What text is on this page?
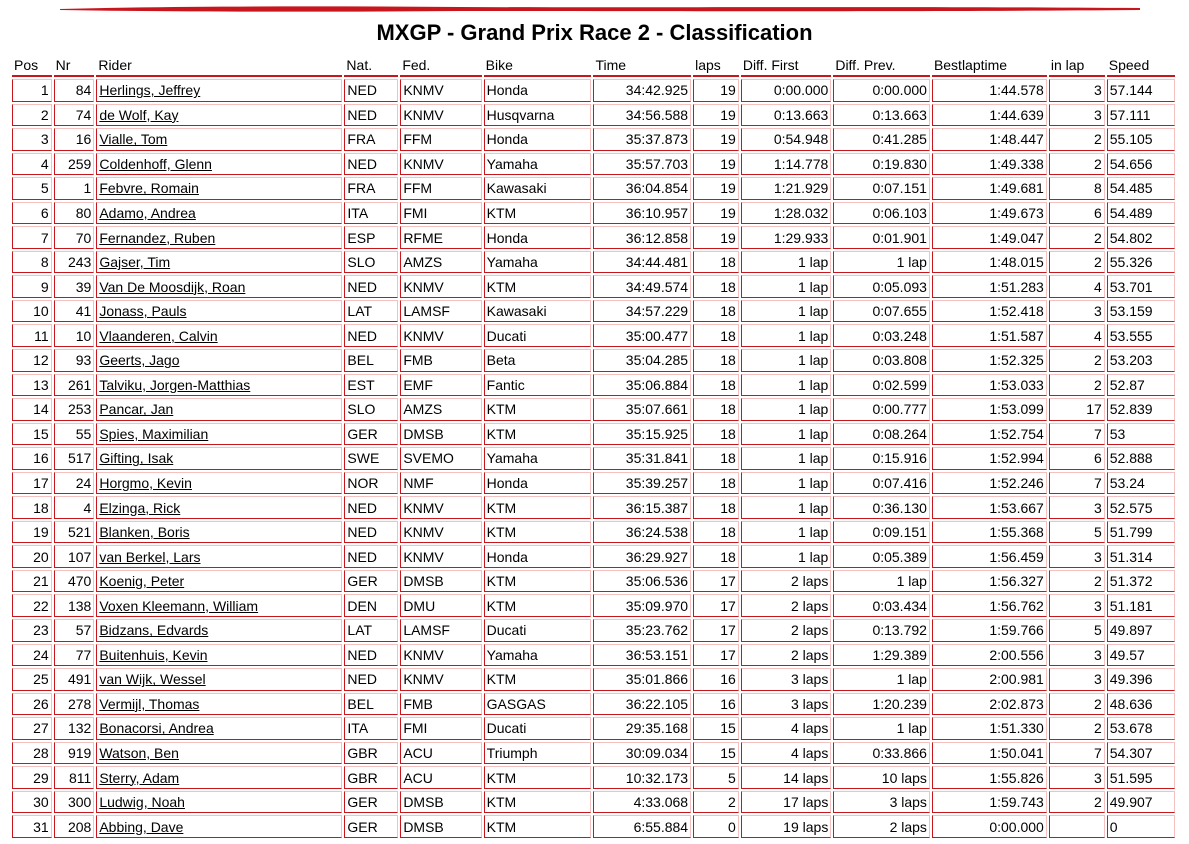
MXGP - Grand Prix Race 2 - Classification
Pos	Nr	Rider	Nat.	Fed.	Bike	Time	laps	Diff. First	Diff. Prev.	Bestlaptime	in lap	Speed
1	84	Herlings, Jeffrey	NED	KNMV	Honda	34:42.925	19	0:00.000	0:00.000	1:44.578	3	57.144
2	74	de Wolf, Kay	NED	KNMV	Husqvarna	34:56.588	19	0:13.663	0:13.663	1:44.639	3	57.111
3	16	Vialle, Tom	FRA	FFM	Honda	35:37.873	19	0:54.948	0:41.285	1:48.447	2	55.105
4	259	Coldenhoff, Glenn	NED	KNMV	Yamaha	35:57.703	19	1:14.778	0:19.830	1:49.338	2	54.656
5	1	Febvre, Romain	FRA	FFM	Kawasaki	36:04.854	19	1:21.929	0:07.151	1:49.681	8	54.485
6	80	Adamo, Andrea	ITA	FMI	KTM	36:10.957	19	1:28.032	0:06.103	1:49.673	6	54.489
7	70	Fernandez, Ruben	ESP	RFME	Honda	36:12.858	19	1:29.933	0:01.901	1:49.047	2	54.802
8	243	Gajser, Tim	SLO	AMZS	Yamaha	34:44.481	18	1 lap	1 lap	1:48.015	2	55.326
9	39	Van De Moosdijk, Roan	NED	KNMV	KTM	34:49.574	18	1 lap	0:05.093	1:51.283	4	53.701
10	41	Jonass, Pauls	LAT	LAMSF	Kawasaki	34:57.229	18	1 lap	0:07.655	1:52.418	3	53.159
11	10	Vlaanderen, Calvin	NED	KNMV	Ducati	35:00.477	18	1 lap	0:03.248	1:51.587	4	53.555
12	93	Geerts, Jago	BEL	FMB	Beta	35:04.285	18	1 lap	0:03.808	1:52.325	2	53.203
13	261	Talviku, Jorgen-Matthias	EST	EMF	Fantic	35:06.884	18	1 lap	0:02.599	1:53.033	2	52.87
14	253	Pancar, Jan	SLO	AMZS	KTM	35:07.661	18	1 lap	0:00.777	1:53.099	17	52.839
15	55	Spies, Maximilian	GER	DMSB	KTM	35:15.925	18	1 lap	0:08.264	1:52.754	7	53
16	517	Gifting, Isak	SWE	SVEMO	Yamaha	35:31.841	18	1 lap	0:15.916	1:52.994	6	52.888
17	24	Horgmo, Kevin	NOR	NMF	Honda	35:39.257	18	1 lap	0:07.416	1:52.246	7	53.24
18	4	Elzinga, Rick	NED	KNMV	KTM	36:15.387	18	1 lap	0:36.130	1:53.667	3	52.575
19	521	Blanken, Boris	NED	KNMV	KTM	36:24.538	18	1 lap	0:09.151	1:55.368	5	51.799
20	107	van Berkel, Lars	NED	KNMV	Honda	36:29.927	18	1 lap	0:05.389	1:56.459	3	51.314
21	470	Koenig, Peter	GER	DMSB	KTM	35:06.536	17	2 laps	1 lap	1:56.327	2	51.372
22	138	Voxen Kleemann, William	DEN	DMU	KTM	35:09.970	17	2 laps	0:03.434	1:56.762	3	51.181
23	57	Bidzans, Edvards	LAT	LAMSF	Ducati	35:23.762	17	2 laps	0:13.792	1:59.766	5	49.897
24	77	Buitenhuis, Kevin	NED	KNMV	Yamaha	36:53.151	17	2 laps	1:29.389	2:00.556	3	49.57
25	491	van Wijk, Wessel	NED	KNMV	KTM	35:01.866	16	3 laps	1 lap	2:00.981	3	49.396
26	278	Vermijl, Thomas	BEL	FMB	GASGAS	36:22.105	16	3 laps	1:20.239	2:02.873	2	48.636
27	132	Bonacorsi, Andrea	ITA	FMI	Ducati	29:35.168	15	4 laps	1 lap	1:51.330	2	53.678
28	919	Watson, Ben	GBR	ACU	Triumph	30:09.034	15	4 laps	0:33.866	1:50.041	7	54.307
29	811	Sterry, Adam	GBR	ACU	KTM	10:32.173	5	14 laps	10 laps	1:55.826	3	51.595
30	300	Ludwig, Noah	GER	DMSB	KTM	4:33.068	2	17 laps	3 laps	1:59.743	2	49.907
31	208	Abbing, Dave	GER	DMSB	KTM	6:55.884	0	19 laps	2 laps	0:00.000		0
